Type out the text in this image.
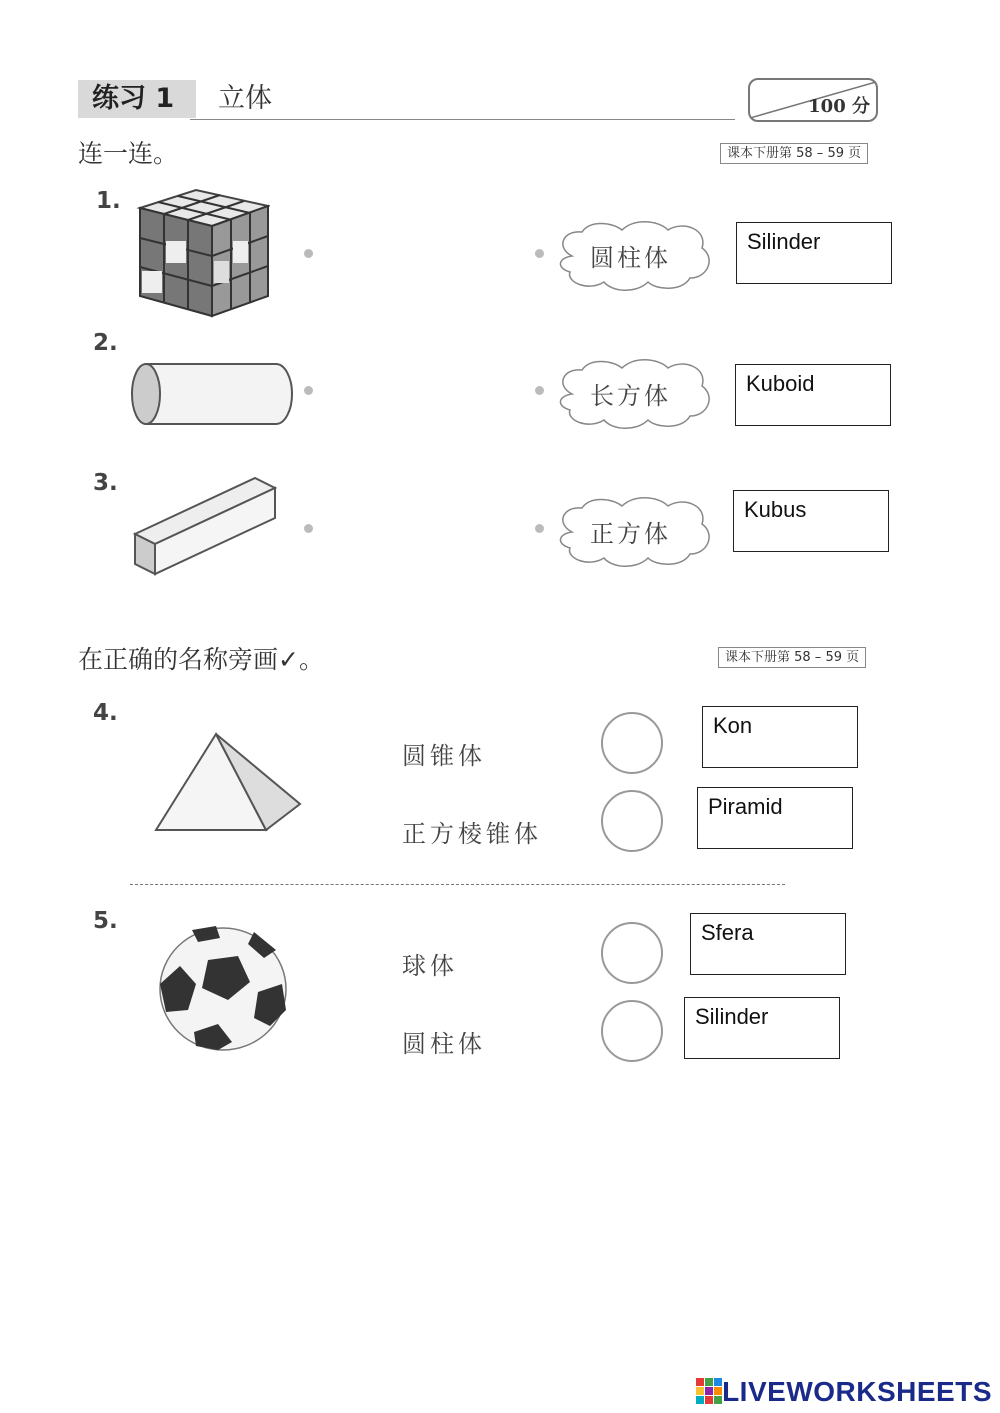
练习 1	立体	100 分
连一连。	课本下册第 58 – 59 页
1.
圆柱体
Silinder
2.
长方体	Kuboid
3.
正方体
Kubus
在正确的名称旁画✓。	课本下册第 58 – 59 页
4.
圆锥体
Kon
正方棱锥体
Piramid
5.
球体
Sfera
圆柱体
Silinder
LIVEWORKSHEETS
